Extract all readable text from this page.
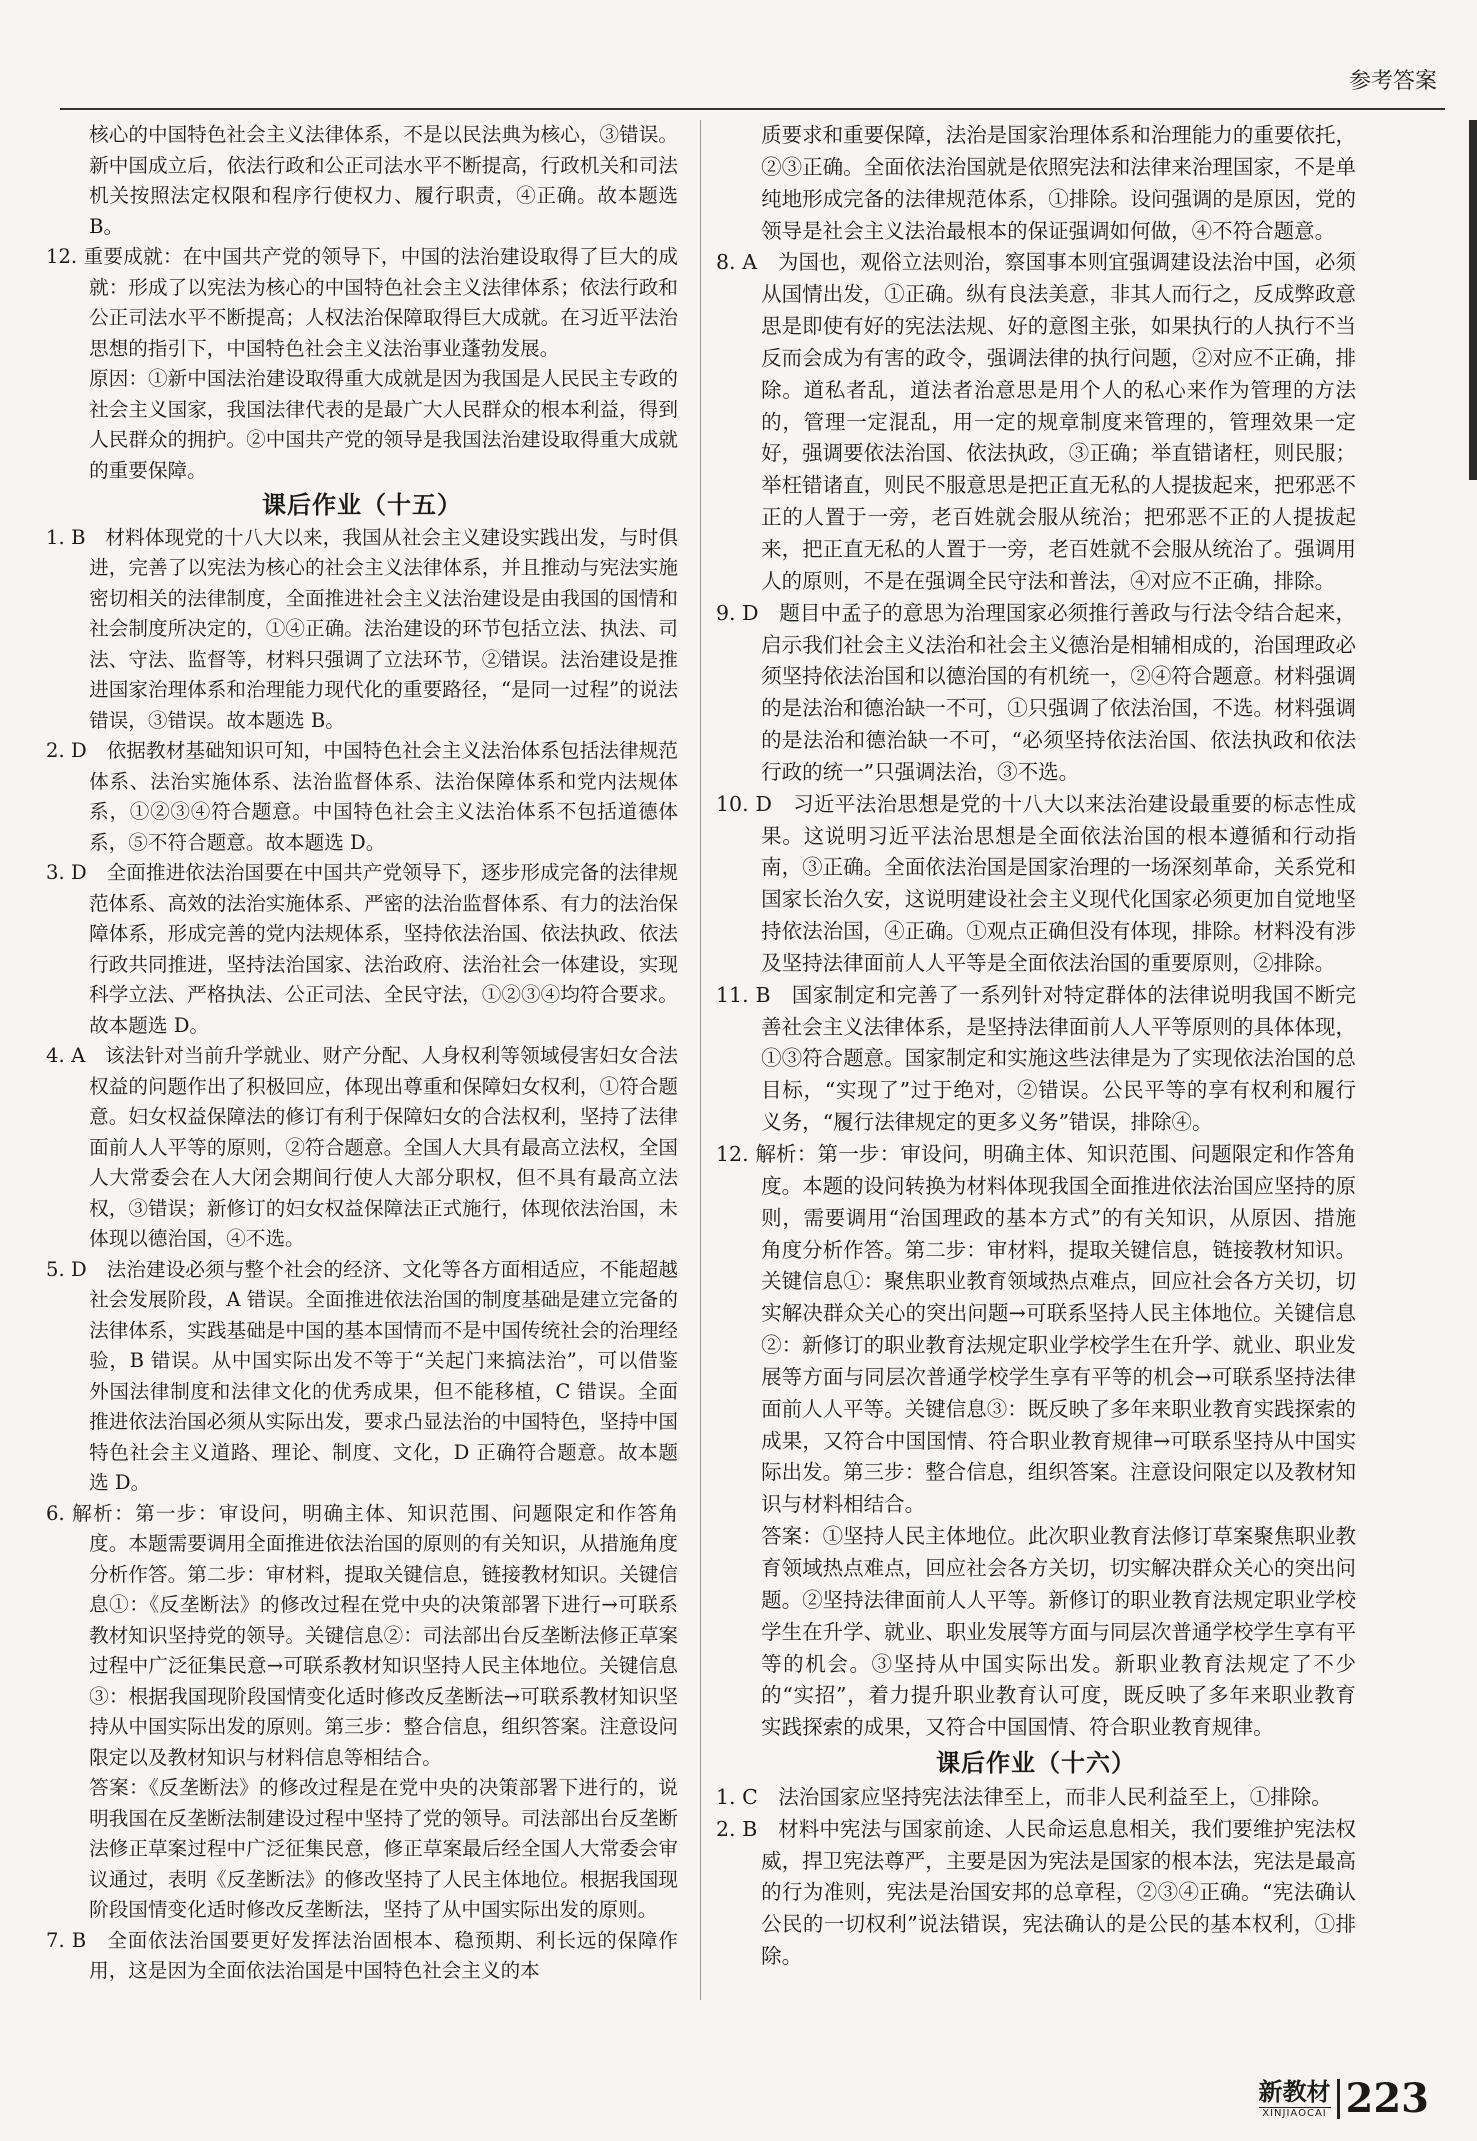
参考答案

核心的中国特色社会主义法律体系，不是以民法典为核心，③错误。新中国成立后，依法行政和公正司法水平不断提高，行政机关和司法机关按照法定权限和程序行使权力、履行职责，④正确。故本题选 B。

12. 重要成就：在中国共产党的领导下，中国的法治建设取得了巨大的成就：形成了以宪法为核心的中国特色社会主义法律体系；依法行政和公正司法水平不断提高；人权法治保障取得巨大成就。在习近平法治思想的指引下，中国特色社会主义法治事业蓬勃发展。

原因：①新中国法治建设取得重大成就是因为我国是人民民主专政的社会主义国家，我国法律代表的是最广大人民群众的根本利益，得到人民群众的拥护。②中国共产党的领导是我国法治建设取得重大成就的重要保障。

课后作业（十五）

1. B　材料体现党的十八大以来，我国从社会主义建设实践出发，与时俱进，完善了以宪法为核心的社会主义法律体系，并且推动与宪法实施密切相关的法律制度，全面推进社会主义法治建设是由我国的国情和社会制度所决定的，①④正确。法治建设的环节包括立法、执法、司法、守法、监督等，材料只强调了立法环节，②错误。法治建设是推进国家治理体系和治理能力现代化的重要路径，“是同一过程”的说法错误，③错误。故本题选 B。

2. D　依据教材基础知识可知，中国特色社会主义法治体系包括法律规范体系、法治实施体系、法治监督体系、法治保障体系和党内法规体系，①②③④符合题意。中国特色社会主义法治体系不包括道德体系，⑤不符合题意。故本题选 D。

3. D　全面推进依法治国要在中国共产党领导下，逐步形成完备的法律规范体系、高效的法治实施体系、严密的法治监督体系、有力的法治保障体系，形成完善的党内法规体系，坚持依法治国、依法执政、依法行政共同推进，坚持法治国家、法治政府、法治社会一体建设，实现科学立法、严格执法、公正司法、全民守法，①②③④均符合要求。故本题选 D。

4. A　该法针对当前升学就业、财产分配、人身权利等领域侵害妇女合法权益的问题作出了积极回应，体现出尊重和保障妇女权利，①符合题意。妇女权益保障法的修订有利于保障妇女的合法权利，坚持了法律面前人人平等的原则，②符合题意。全国人大具有最高立法权，全国人大常委会在人大闭会期间行使人大部分职权，但不具有最高立法权，③错误；新修订的妇女权益保障法正式施行，体现依法治国，未体现以德治国，④不选。

5. D　法治建设必须与整个社会的经济、文化等各方面相适应，不能超越社会发展阶段，A 错误。全面推进依法治国的制度基础是建立完备的法律体系，实践基础是中国的基本国情而不是中国传统社会的治理经验，B 错误。从中国实际出发不等于“关起门来搞法治”，可以借鉴外国法律制度和法律文化的优秀成果，但不能移植，C 错误。全面推进依法治国必须从实际出发，要求凸显法治的中国特色，坚持中国特色社会主义道路、理论、制度、文化，D 正确符合题意。故本题选 D。

6. 解析：第一步：审设问，明确主体、知识范围、问题限定和作答角度。本题需要调用全面推进依法治国的原则的有关知识，从措施角度分析作答。第二步：审材料，提取关键信息，链接教材知识。关键信息①：《反垄断法》的修改过程在党中央的决策部署下进行→可联系教材知识坚持党的领导。关键信息②：司法部出台反垄断法修正草案过程中广泛征集民意→可联系教材知识坚持人民主体地位。关键信息③：根据我国现阶段国情变化适时修改反垄断法→可联系教材知识坚持从中国实际出发的原则。第三步：整合信息，组织答案。注意设问限定以及教材知识与材料信息等相结合。

答案：《反垄断法》的修改过程是在党中央的决策部署下进行的，说明我国在反垄断法制建设过程中坚持了党的领导。司法部出台反垄断法修正草案过程中广泛征集民意，修正草案最后经全国人大常委会审议通过，表明《反垄断法》的修改坚持了人民主体地位。根据我国现阶段国情变化适时修改反垄断法，坚持了从中国实际出发的原则。

7. B　全面依法治国要更好发挥法治固根本、稳预期、利长远的保障作用，这是因为全面依法治国是中国特色社会主义的本

质要求和重要保障，法治是国家治理体系和治理能力的重要依托，②③正确。全面依法治国就是依照宪法和法律来治理国家，不是单纯地形成完备的法律规范体系，①排除。设问强调的是原因，党的领导是社会主义法治最根本的保证强调如何做，④不符合题意。

8. A　为国也，观俗立法则治，察国事本则宜强调建设法治中国，必须从国情出发，①正确。纵有良法美意，非其人而行之，反成弊政意思是即使有好的宪法法规、好的意图主张，如果执行的人执行不当反而会成为有害的政令，强调法律的执行问题，②对应不正确，排除。道私者乱，道法者治意思是用个人的私心来作为管理的方法的，管理一定混乱，用一定的规章制度来管理的，管理效果一定好，强调要依法治国、依法执政，③正确；举直错诸枉，则民服；举枉错诸直，则民不服意思是把正直无私的人提拔起来，把邪恶不正的人置于一旁，老百姓就会服从统治；把邪恶不正的人提拔起来，把正直无私的人置于一旁，老百姓就不会服从统治了。强调用人的原则，不是在强调全民守法和普法，④对应不正确，排除。

9. D　题目中孟子的意思为治理国家必须推行善政与行法令结合起来，启示我们社会主义法治和社会主义德治是相辅相成的，治国理政必须坚持依法治国和以德治国的有机统一，②④符合题意。材料强调的是法治和德治缺一不可，①只强调了依法治国，不选。材料强调的是法治和德治缺一不可，“必须坚持依法治国、依法执政和依法行政的统一”只强调法治，③不选。

10. D　习近平法治思想是党的十八大以来法治建设最重要的标志性成果。这说明习近平法治思想是全面依法治国的根本遵循和行动指南，③正确。全面依法治国是国家治理的一场深刻革命，关系党和国家长治久安，这说明建设社会主义现代化国家必须更加自觉地坚持依法治国，④正确。①观点正确但没有体现，排除。材料没有涉及坚持法律面前人人平等是全面依法治国的重要原则，②排除。

11. B　国家制定和完善了一系列针对特定群体的法律说明我国不断完善社会主义法律体系，是坚持法律面前人人平等原则的具体体现，①③符合题意。国家制定和实施这些法律是为了实现依法治国的总目标，“实现了”过于绝对，②错误。公民平等的享有权利和履行义务，“履行法律规定的更多义务”错误，排除④。

12. 解析：第一步：审设问，明确主体、知识范围、问题限定和作答角度。本题的设问转换为材料体现我国全面推进依法治国应坚持的原则，需要调用“治国理政的基本方式”的有关知识，从原因、措施角度分析作答。第二步：审材料，提取关键信息，链接教材知识。关键信息①：聚焦职业教育领域热点难点，回应社会各方关切，切实解决群众关心的突出问题→可联系坚持人民主体地位。关键信息②：新修订的职业教育法规定职业学校学生在升学、就业、职业发展等方面与同层次普通学校学生享有平等的机会→可联系坚持法律面前人人平等。关键信息③：既反映了多年来职业教育实践探索的成果，又符合中国国情、符合职业教育规律→可联系坚持从中国实际出发。第三步：整合信息，组织答案。注意设问限定以及教材知识与材料相结合。

答案：①坚持人民主体地位。此次职业教育法修订草案聚焦职业教育领域热点难点，回应社会各方关切，切实解决群众关心的突出问题。②坚持法律面前人人平等。新修订的职业教育法规定职业学校学生在升学、就业、职业发展等方面与同层次普通学校学生享有平等的机会。③坚持从中国实际出发。新职业教育法规定了不少的“实招”，着力提升职业教育认可度，既反映了多年来职业教育实践探索的成果，又符合中国国情、符合职业教育规律。

课后作业（十六）

1. C　法治国家应坚持宪法法律至上，而非人民利益至上，①排除。

2. B　材料中宪法与国家前途、人民命运息息相关，我们要维护宪法权威，捍卫宪法尊严，主要是因为宪法是国家的根本法，宪法是最高的行为准则，宪法是治国安邦的总章程，②③④正确。“宪法确认公民的一切权利”说法错误，宪法确认的是公民的基本权利，①排除。

新教材
XINJIAOCAI 223
